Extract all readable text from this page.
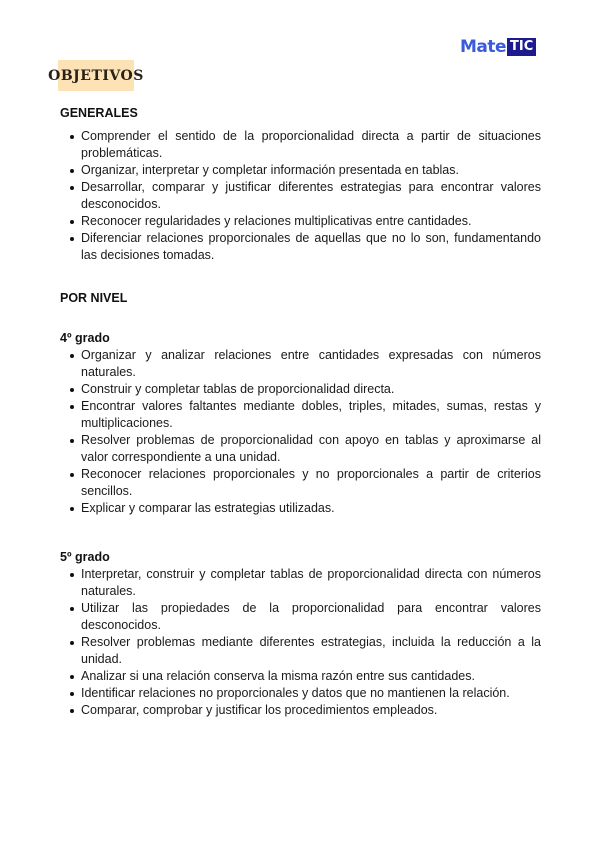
Mate TIC
OBJETIVOS
GENERALES
Comprender el sentido de la proporcionalidad directa a partir de situaciones problemáticas.
Organizar, interpretar y completar información presentada en tablas.
Desarrollar, comparar y justificar diferentes estrategias para encontrar valores desconocidos.
Reconocer regularidades y relaciones multiplicativas entre cantidades.
Diferenciar relaciones proporcionales de aquellas que no lo son, fundamentando las decisiones tomadas.
POR NIVEL
4º grado
Organizar y analizar relaciones entre cantidades expresadas con números naturales.
Construir y completar tablas de proporcionalidad directa.
Encontrar valores faltantes mediante dobles, triples, mitades, sumas, restas y multiplicaciones.
Resolver problemas de proporcionalidad con apoyo en tablas y aproximarse al valor correspondiente a una unidad.
Reconocer relaciones proporcionales y no proporcionales a partir de criterios sencillos.
Explicar y comparar las estrategias utilizadas.
5º grado
Interpretar, construir y completar tablas de proporcionalidad directa con números naturales.
Utilizar las propiedades de la proporcionalidad para encontrar valores desconocidos.
Resolver problemas mediante diferentes estrategias, incluida la reducción a la unidad.
Analizar si una relación conserva la misma razón entre sus cantidades.
Identificar relaciones no proporcionales y datos que no mantienen la relación.
Comparar, comprobar y justificar los procedimientos empleados.
